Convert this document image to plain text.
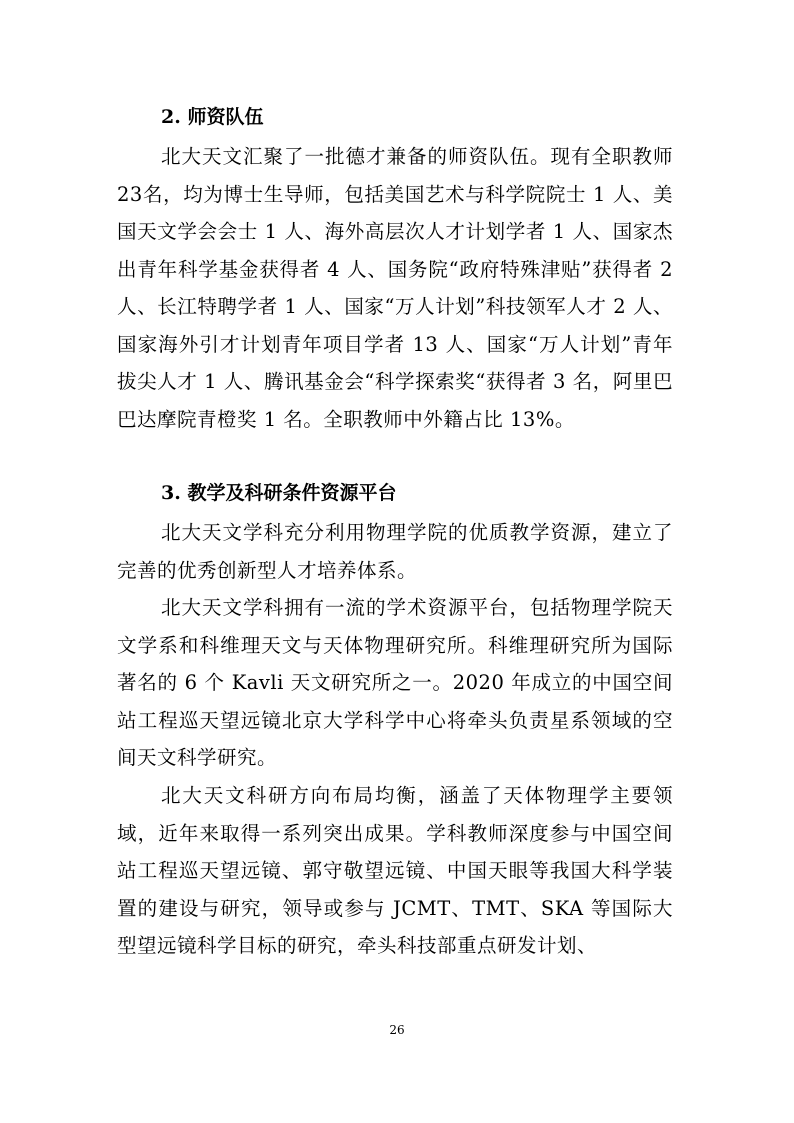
2. 师资队伍

北大天文汇聚了一批德才兼备的师资队伍。现有全职教师23名，均为博士生导师，包括美国艺术与科学院院士 1 人、美国天文学会会士 1 人、海外高层次人才计划学者 1 人、国家杰出青年科学基金获得者 4 人、国务院“政府特殊津贴”获得者 2 人、长江特聘学者 1 人、国家“万人计划”科技领军人才 2 人、国家海外引才计划青年项目学者 13 人、国家“万人计划”青年拔尖人才 1 人、腾讯基金会“科学探索奖“获得者 3 名，阿里巴巴达摩院青橙奖 1 名。全职教师中外籍占比 13%。

3. 教学及科研条件资源平台

北大天文学科充分利用物理学院的优质教学资源，建立了完善的优秀创新型人才培养体系。

北大天文学科拥有一流的学术资源平台，包括物理学院天文学系和科维理天文与天体物理研究所。科维理研究所为国际著名的 6 个 Kavli 天文研究所之一。2020 年成立的中国空间站工程巡天望远镜北京大学科学中心将牵头负责星系领域的空间天文科学研究。

北大天文科研方向布局均衡，涵盖了天体物理学主要领域，近年来取得一系列突出成果。学科教师深度参与中国空间站工程巡天望远镜、郭守敬望远镜、中国天眼等我国大科学装置的建设与研究，领导或参与 JCMT、TMT、SKA 等国际大型望远镜科学目标的研究，牵头科技部重点研发计划、

26
